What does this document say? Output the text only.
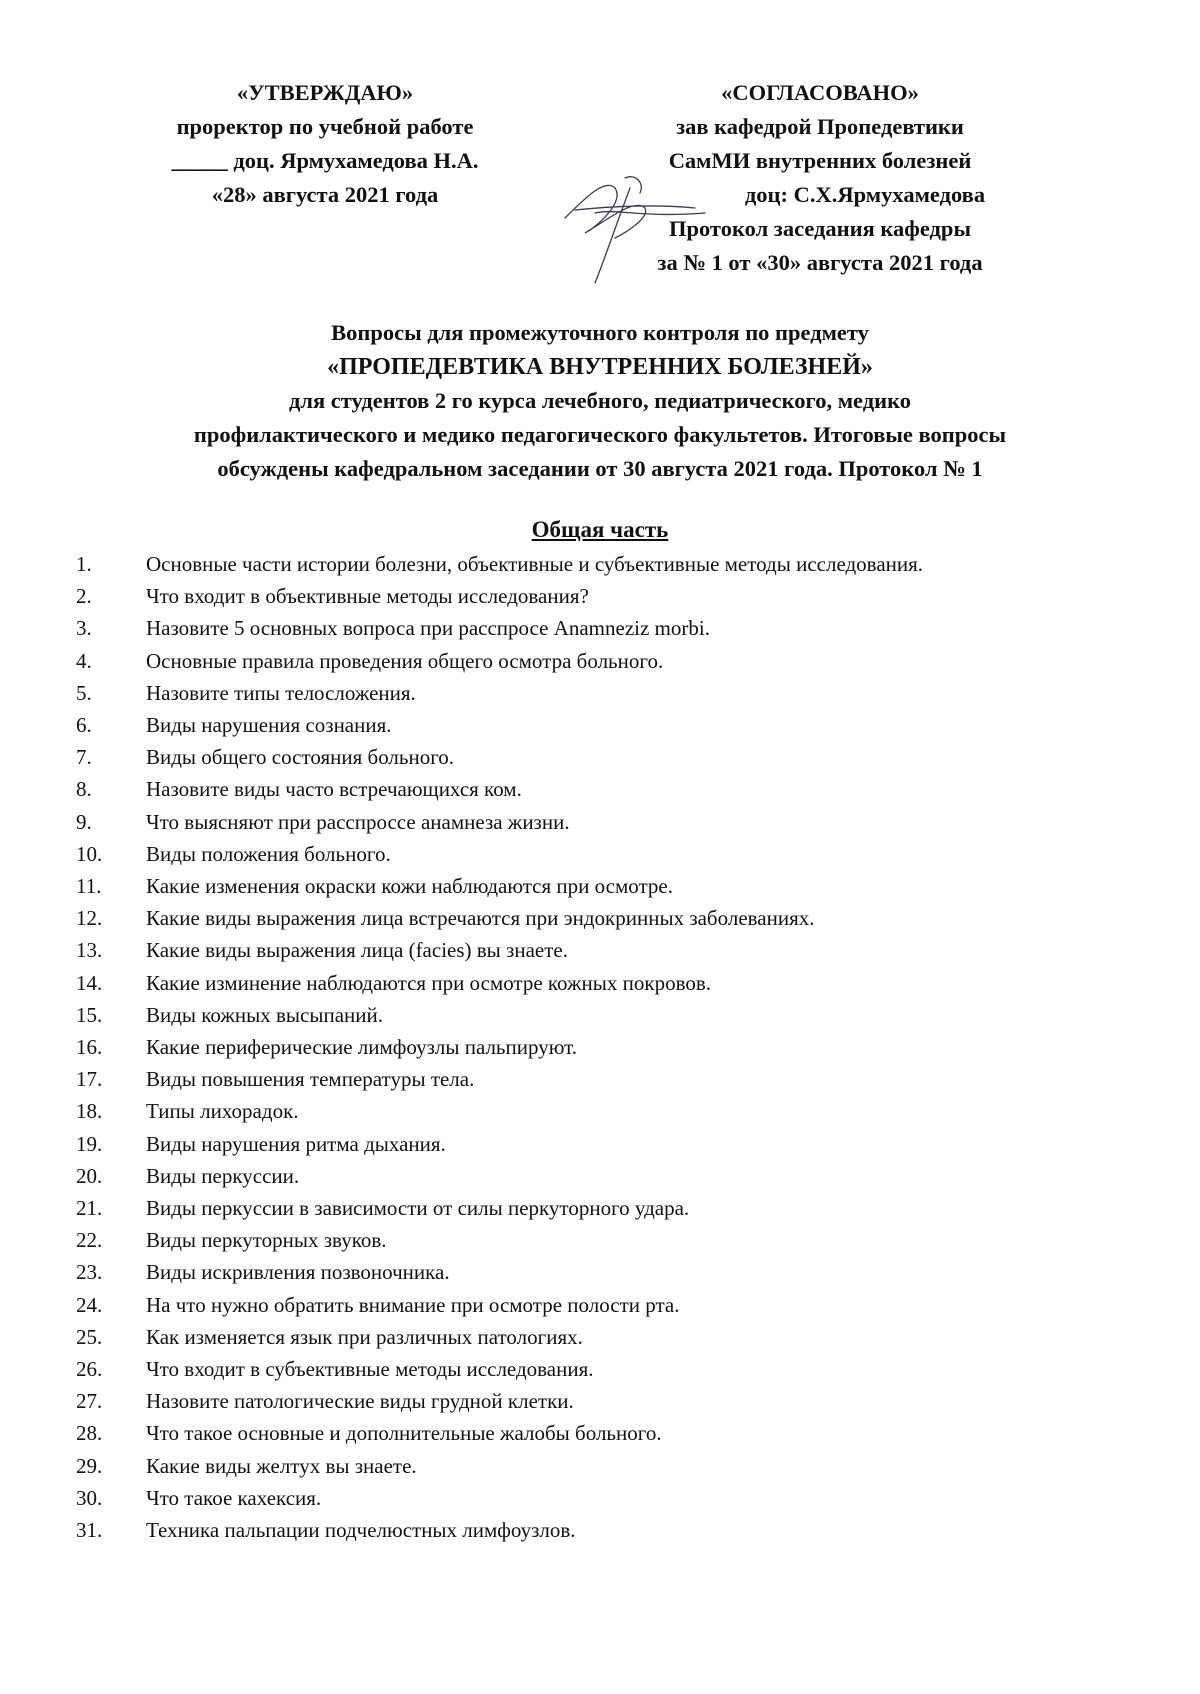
«УТВЕРЖДАЮ»
проректор по учебной работе
_____ доц. Ярмухамедова Н.А.
«28» августа 2021 года
«СОГЛАСОВАНО»
зав кафедрой Пропедевтики
СамМИ внутренних болезней
доц: С.Х.Ярмухамедова
Протокол заседания кафедры
за № 1 от «30» августа 2021 года
Вопросы для промежуточного контроля по предмету
«ПРОПЕДЕВТИКА ВНУТРЕННИХ БОЛЕЗНЕЙ»
для студентов 2 го курса лечебного, педиатрического, медико
профилактического и медико педагогического факультетов. Итоговые вопросы
обсуждены кафедральном заседании от 30 августа 2021 года. Протокол № 1
Общая часть
1.	Основные части истории болезни, объективные и субъективные методы исследования.
2.	Что входит в объективные методы исследования?
3.	Назовите 5 основных вопроса при расспросе Anamneziz morbi.
4.	Основные правила проведения общего осмотра больного.
5.	Назовите типы телосложения.
6.	Виды нарушения сознания.
7.	Виды общего состояния больного.
8.	Назовите виды часто встречающихся ком.
9.	Что выясняют при расспроссе анамнеза жизни.
10.	Виды положения больного.
11.	Какие изменения окраски кожи наблюдаются при осмотре.
12.	Какие виды выражения лица встречаются при эндокринных заболеваниях.
13.	Какие виды выражения лица (facies) вы знаете.
14.	Какие изминение наблюдаются при осмотре кожных покровов.
15.	Виды кожных высыпаний.
16.	Какие периферические лимфоузлы пальпируют.
17.	Виды повышения температуры тела.
18.	Типы лихорадок.
19.	Виды нарушения ритма дыхания.
20.	Виды перкуссии.
21.	Виды перкуссии в зависимости от силы перкуторного удара.
22.	Виды перкуторных звуков.
23.	Виды искривления позвоночника.
24.	На что нужно обратить внимание при осмотре полости рта.
25.	Как изменяется язык при различных патологиях.
26.	Что входит в субъективные методы исследования.
27.	Назовите патологические виды грудной клетки.
28.	Что такое основные и дополнительные жалобы больного.
29.	Какие виды желтух вы знаете.
30.	Что такое кахексия.
31.	Техника пальпации подчелюстных лимфоузлов.
